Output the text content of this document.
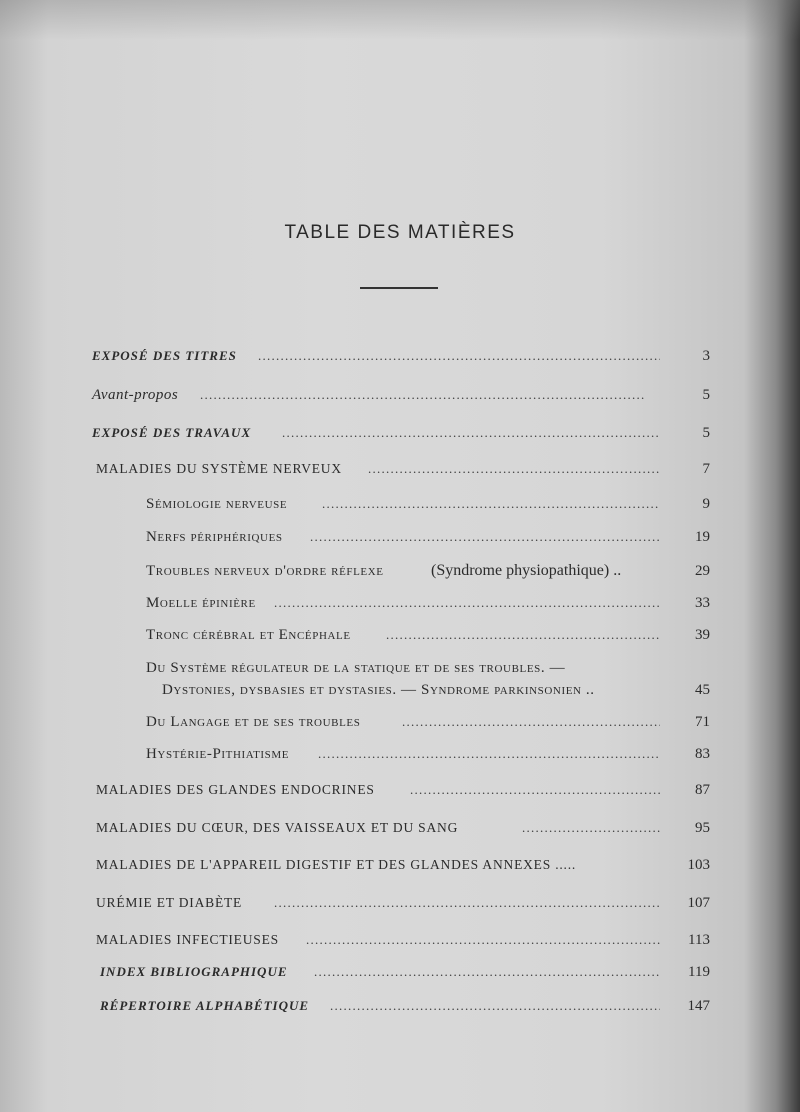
TABLE DES MATIÈRES
EXPOSÉ DES TITRES . . .	3
Avant-propos . . .	5
EXPOSÉ DES TRAVAUX . . .	5
MALADIES DU SYSTÈME NERVEUX . . .	7
Sémiologie nerveuse . . .	9
Nerfs périphériques . . .	19
Troubles nerveux d'ordre réflexe	(Syndrome physiopathique) ..	29
Moelle épinière . . .	33
Tronc cérébral et Encéphale . . .	39
Du Système régulateur de la statique et de ses troubles. —
Dystonies, dysbasies et dystasies. — Syndrome parkinsonien ..	45
Du Langage et de ses troubles . . .	71
Hystérie-Pithiatisme . . .	83
MALADIES DES GLANDES ENDOCRINES . . .	87
MALADIES DU CŒUR, DES VAISSEAUX ET DU SANG . . .	95
MALADIES DE L'APPAREIL DIGESTIF ET DES GLANDES ANNEXES .....	103
URÉMIE ET DIABÈTE . . .	107
MALADIES INFECTIEUSES . . .	113
INDEX BIBLIOGRAPHIQUE . . .	119
RÉPERTOIRE ALPHABÉTIQUE . . .	147
